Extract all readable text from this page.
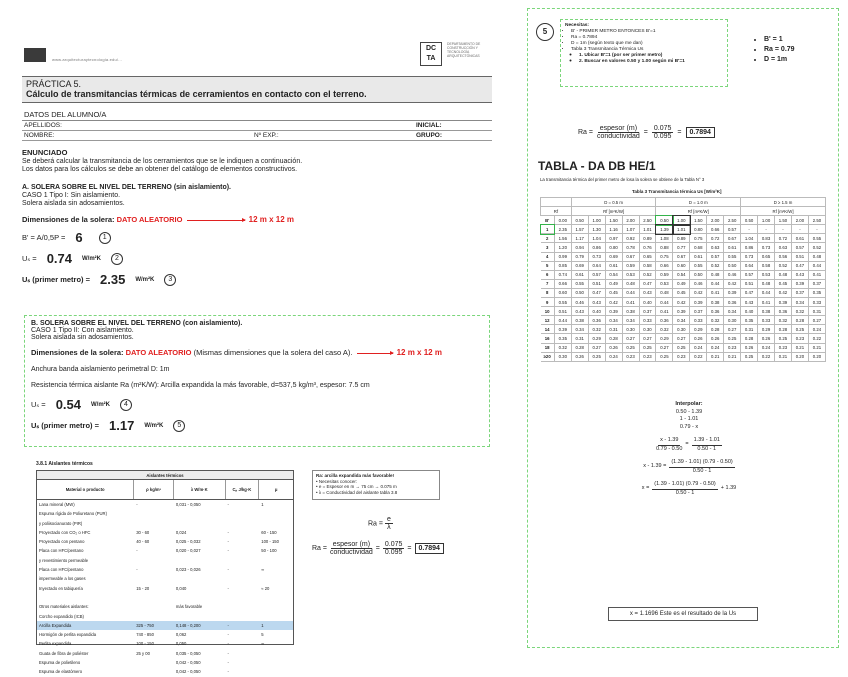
www.arquitecturaytecnologia.edu/...
DC
TA
DEPARTAMENTO DE CONSTRUCCIÓN Y TECNOLOGÍA ARQUITECTÓNICAS
PRÁCTICA 5.
Cálculo de transmitancias térmicas de cerramientos en contacto con el terreno.
DATOS DEL ALUMNO/A
APELLIDOS:	INICIAL:
NOMBRE:	Nº EXP.:	GRUPO:
ENUNCIADO

Se deberá calcular la transmitancia de los cerramientos que se le indiquen a continuación.

Los datos para los cálculos se debe an obtener del catálogo de elementos constructivos.

A. SOLERA SOBRE EL NIVEL DEL TERRENO (sin aislamiento).
CASO 1 Tipo I: Sin aislamiento.
Solera aislada sin adosamientos.
Dimensiones de la solera: DATO ALEATORIO	12 m x 12 m
B' = A/0,5P = 6	1
Uₛ = 0.74 W/m²K	2
Uₛ (primer metro) = 2.35 W/m²K	3
B. SOLERA SOBRE EL NIVEL DEL TERRENO (con aislamiento).
CASO 1 Tipo II: Con aislamiento.
Solera aislada sin adosamientos.
Dimensiones de la solera: DATO ALEATORIO (Mismas dimensiones que la solera del caso A).	12 m x 12 m
Anchura banda aislamiento perimetral D: 1m
Resistencia térmica aislante Ra (m²K/W): Arcilla expandida la más favorable, d=537,5 kg/m³, espesor: 7.5 cm
Uₛ = 0.54 W/m²K	4
Uₛ (primer metro) = 1.17 W/m²K	5
3.8.1 Aislantes térmicos
Aislantes térmicos
Material o producto	ρ kg/m³	λ W/m·K	Cₚ J/kg·K	μ
Lana mineral (MW)	-	0,031 - 0,050	-	1
Espuma rígida de Poliuretano (PUR)
y poliisocianurato (PIR)
Proyectado con CO₂ o HFC	30 - 60	0,024	-	60 - 150
Proyectado con pentano	40 - 60	0,025 - 0,032	-	100 - 150
Placa con HFC/pentano	-	0,020 - 0,027	-	50 - 100
y revestimiento permeable
Placa con HFC/pentano	-	0,023 - 0,026	-	∞
impermeable a los gases
Inyectado en tabiquería	15 - 20	0,040	-	≈ 20
Otros materiales aislantes:	más favorable
Corcho expandido (ICB)
Arcilla Expandida	325 - 750	0,148 - 0,200	-	1
Hormigón de perlita expandida	740 - 850	0,062	-	5
Perlita expandida	100 - 150	0,050	-	∞
Guata de fibra de poliéster	25 y 00	0,035 - 0,050	-
Espuma de polietileno	0,042 - 0,050	-
Espuma de elastómero	0,042 - 0,050	-
Ra: arcilla expandida más favorable!
• Necesitas conocer:
• e = Espesor en m → 75 cm → 0.075 m
• λ = Conductividad del aislante tabla 3.8
$Ra = \frac{e}{\lambda}$
$Ra = \frac{\text{espesor (m)}}{\text{conductividad}} = \frac{0.075}{0.095}$ =	0.7894
5
Necesitas:
• B' - PRIMER METRO ENTONCES B'=1
• Ra = 0.7894
• D = 1m (según texto que me dan)
• Tabla 3 Transmitancia Térmica Us
◦ 1. Ubicar B'=1 (por ser primer metro)
◦ 2. Buscar en valores 0.50 y 1.00 según mi B'=1
• B' = 1
• Ra = 0.79
• D = 1m
$Ra = \frac{\text{espesor (m)}}{\text{conductividad}} = \frac{0.075}{0.095}$ =	0.7894
TABLA - DA DB HE/1
La transmitancia térmica del primer metro de losa la solera se obtiene de la Tabla N° 3
Tabla 3 Transmitancia térmica Us [W/m²K]
		D = 0.5 m					D = 1.0 m					D ≥ 1.5 m				
Rf		Rf [m²K/W]					Rf [m²K/W]					Rf [m²K/W]				
B'	0.00	0.50	1.00	1.50	2.00	2.50	0.50	1.00	1.50	2.00	2.50	0.50	1.00	1.50	2.00	2.50
1	2.35	1.57	1.30	1.16	1.07	1.01	1.39	1.01	0.80	0.66	0.57	-	-	-	-	-
2	1.56	1.17	1.04	0.97	0.92	0.89	1.08	0.89	0.75	0.72	0.67	1.04	0.83	0.72	0.61	0.55
3	1.20	0.94	0.86	0.80	0.78	0.76	0.88	0.77	0.68	0.63	0.61	0.86	0.73	0.63	0.57	0.52
4	0.99	0.79	0.73	0.69	0.67	0.65	0.75	0.67	0.61	0.57	0.55	0.73	0.65	0.56	0.51	0.48
5	0.85	0.69	0.64	0.61	0.59	0.58	0.66	0.60	0.55	0.52	0.50	0.64	0.58	0.52	0.47	0.44
6	0.74	0.61	0.57	0.54	0.53	0.52	0.59	0.54	0.50	0.48	0.46	0.57	0.53	0.48	0.43	0.41
7	0.66	0.55	0.51	0.49	0.48	0.47	0.53	0.49	0.46	0.44	0.42	0.51	0.48	0.45	0.39	0.37
8	0.60	0.50	0.47	0.45	0.44	0.43	0.48	0.45	0.42	0.41	0.39	0.47	0.44	0.42	0.37	0.35
9	0.55	0.46	0.43	0.42	0.41	0.40	0.44	0.42	0.39	0.38	0.36	0.43	0.41	0.39	0.34	0.33
10	0.51	0.43	0.40	0.39	0.38	0.37	0.41	0.39	0.37	0.36	0.34	0.40	0.38	0.36	0.32	0.31
12	0.44	0.38	0.36	0.34	0.34	0.33	0.36	0.34	0.33	0.32	0.30	0.35	0.33	0.32	0.28	0.27
14	0.39	0.34	0.32	0.31	0.30	0.30	0.32	0.30	0.29	0.28	0.27	0.31	0.29	0.28	0.25	0.24
16	0.35	0.31	0.29	0.28	0.27	0.27	0.29	0.27	0.26	0.26	0.25	0.28	0.26	0.25	0.23	0.22
18	0.32	0.28	0.27	0.26	0.25	0.25	0.27	0.25	0.24	0.24	0.23	0.26	0.24	0.23	0.21	0.21
≥20	0.30	0.26	0.25	0.24	0.23	0.23	0.25	0.23	0.22	0.21	0.21	0.25	0.22	0.21	0.20	0.20
Interpolar:
0.50 - 1.39
1 - 1.01
0.79 - x
$\frac{x - 1.39}{0.79 - 0.50} = \frac{1.39 - 1.01}{0.50 - 1}$
$x - 1.39 = \frac{(1.39 - 1.01) (0.79 - 0.50)}{0.50 - 1}$
$x = \frac{(1.39 - 1.01) (0.79 - 0.50)}{0.50 - 1} + 1.39$
x = 1.1696 Este es el resultado de la Us
